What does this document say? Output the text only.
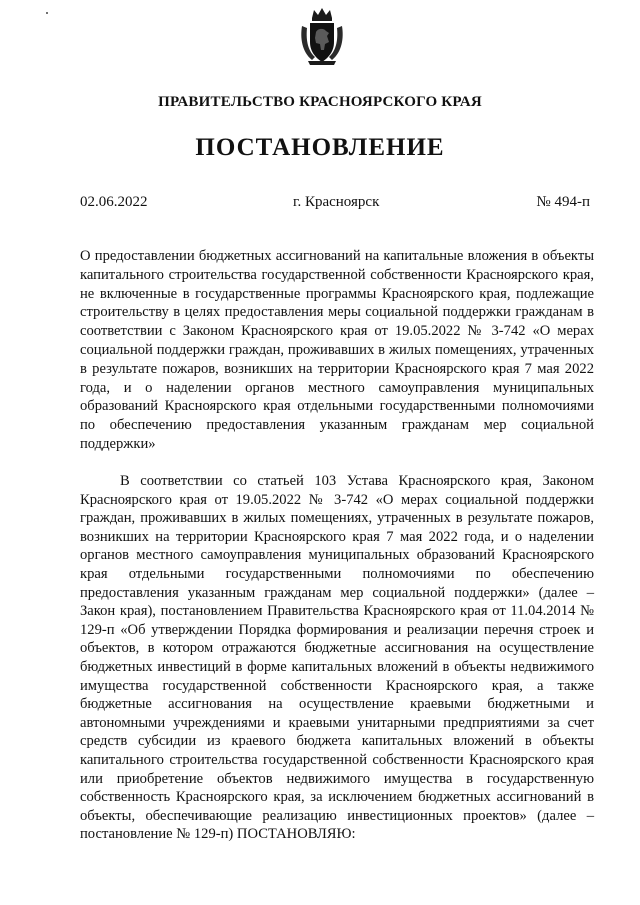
ПРАВИТЕЛЬСТВО КРАСНОЯРСКОГО КРАЯ
ПОСТАНОВЛЕНИЕ
02.06.2022	г. Красноярск	№ 494-п
О предоставлении бюджетных ассигнований на капитальные вложения в объекты капитального строительства государственной собственности Красноярского края, не включенные в государственные программы Красноярского края, подлежащие строительству в целях предоставления меры социальной поддержки гражданам в соответствии с Законом Красноярского края от 19.05.2022 № 3-742 «О мерах социальной поддержки граждан, проживавших в жилых помещениях, утраченных в результате пожаров, возникших на территории Красноярского края 7 мая 2022 года, и о наделении органов местного самоуправления муниципальных образований Красноярского края отдельными государственными полномочиями по обеспечению предоставления указанным гражданам мер социальной поддержки»
В соответствии со статьей 103 Устава Красноярского края, Законом Красноярского края от 19.05.2022 № 3-742 «О мерах социальной поддержки граждан, проживавших в жилых помещениях, утраченных в результате пожаров, возникших на территории Красноярского края 7 мая 2022 года, и о наделении органов местного самоуправления муниципальных образований Красноярского края отдельными государственными полномочиями по обеспечению предоставления указанным гражданам мер социальной поддержки» (далее – Закон края), постановлением Правительства Красноярского края от 11.04.2014 № 129-п «Об утверждении Порядка формирования и реализации перечня строек и объектов, в котором отражаются бюджетные ассигнования на осуществление бюджетных инвестиций в форме капитальных вложений в объекты недвижимого имущества государственной собственности Красноярского края, а также бюджетные ассигнования на осуществление краевыми бюджетными и автономными учреждениями и краевыми унитарными предприятиями за счет средств субсидии из краевого бюджета капитальных вложений в объекты капитального строительства государственной собственности Красноярского края или приобретение объектов недвижимого имущества в государственную собственность Красноярского края, за исключением бюджетных ассигнований в объекты, обеспечивающие реализацию инвестиционных проектов» (далее – постановление № 129-п) ПОСТАНОВЛЯЮ:
